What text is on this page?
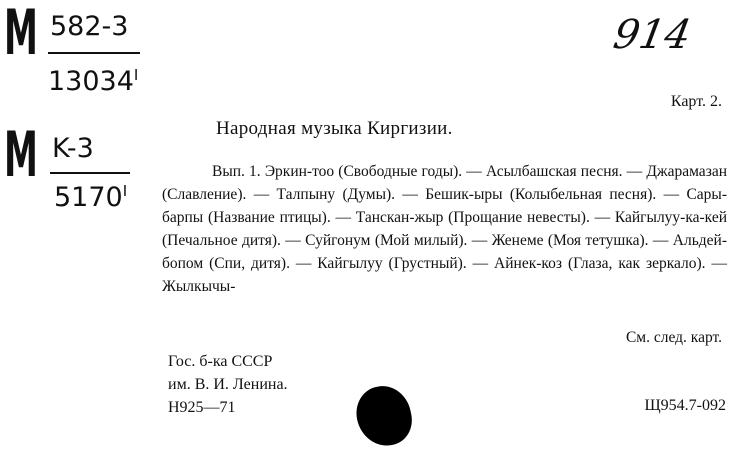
M 582-3
$13034^I$
M K-3
$5170^I$
914
Карт. 2.
Народная музыка Киргизии.

Вып. 1. Эркин-тоо (Свободные годы). — Асылбашская песня. — Джарамазан (Славление). — Талпыну (Думы). — Бешик-ыры (Колыбельная песня). — Сары-барпы (Название птицы). — Танскан-жыр (Прощание невесты). — Кайгылуу-ка-кей (Печальное дитя). — Суйгонум (Мой милый). — Женеме (Моя тетушка). — Альдей-бопом (Спи, дитя). — Кайгылуу (Грустный). — Айнек-коз (Глаза, как зеркало). — Жылкычы-

См. след. карт.
Гос. б-ка СССР
им. В. И. Ленина.
Н925—71	Щ954.7-092
